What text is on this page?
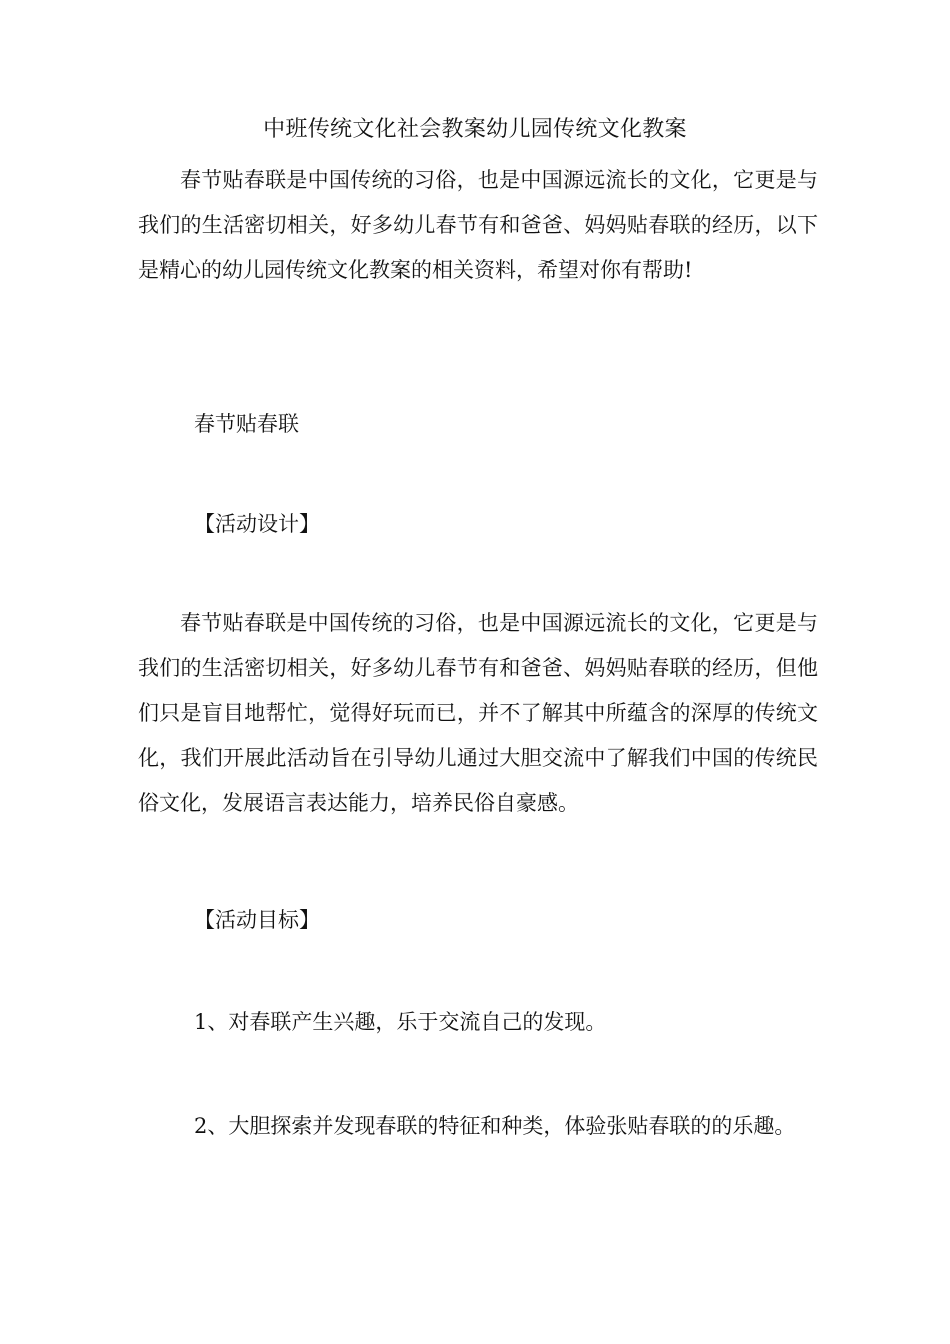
中班传统文化社会教案幼儿园传统文化教案

春节贴春联是中国传统的习俗，也是中国源远流长的文化，它更是与我们的生活密切相关，好多幼儿春节有和爸爸、妈妈贴春联的经历，以下是精心的幼儿园传统文化教案的相关资料，希望对你有帮助!

春节贴春联

【活动设计】

春节贴春联是中国传统的习俗，也是中国源远流长的文化，它更是与我们的生活密切相关，好多幼儿春节有和爸爸、妈妈贴春联的经历，但他们只是盲目地帮忙，觉得好玩而已，并不了解其中所蕴含的深厚的传统文化，我们开展此活动旨在引导幼儿通过大胆交流中了解我们中国的传统民俗文化，发展语言表达能力，培养民俗自豪感。

【活动目标】

1、对春联产生兴趣，乐于交流自己的发现。

2、大胆探索并发现春联的特征和种类，体验张贴春联的的乐趣。
